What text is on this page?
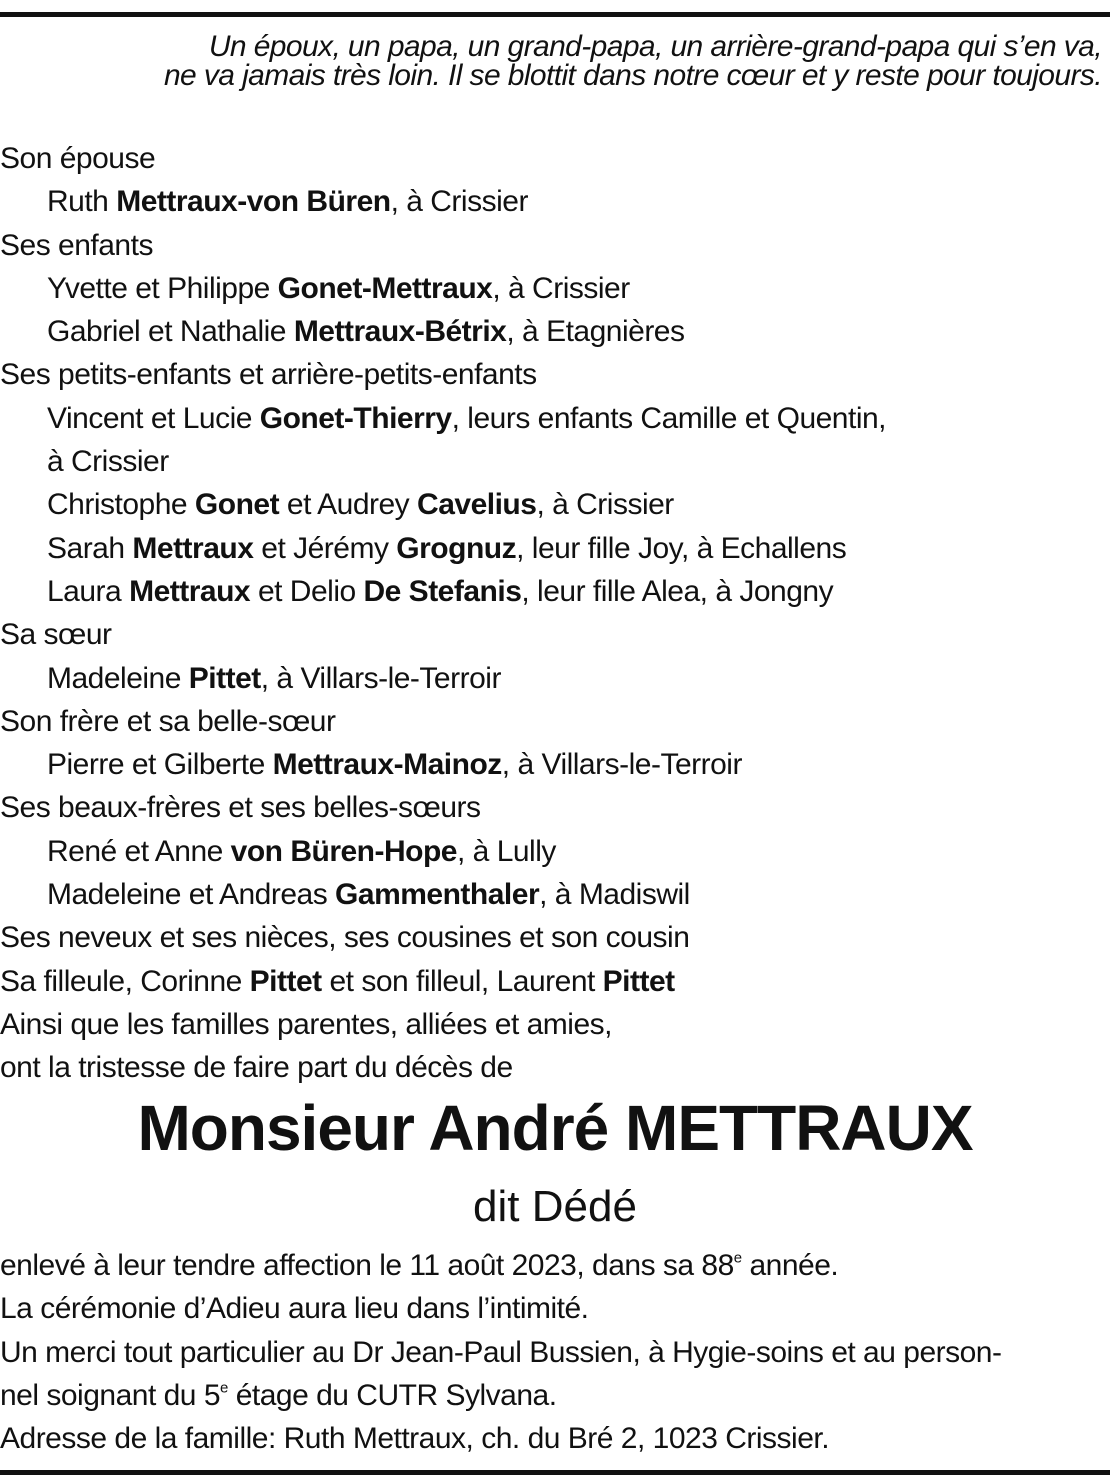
Un époux, un papa, un grand-papa, un arrière-grand-papa qui s’en va,
ne va jamais très loin. Il se blottit dans notre cœur et y reste pour toujours.
Son épouse
Ruth Mettraux-von Büren, à Crissier
Ses enfants
Yvette et Philippe Gonet-Mettraux, à Crissier
Gabriel et Nathalie Mettraux-Bétrix, à Etagnières
Ses petits-enfants et arrière-petits-enfants
Vincent et Lucie Gonet-Thierry, leurs enfants Camille et Quentin,
à Crissier
Christophe Gonet et Audrey Cavelius, à Crissier
Sarah Mettraux et Jérémy Grognuz, leur fille Joy, à Echallens
Laura Mettraux et Delio De Stefanis, leur fille Alea, à Jongny
Sa sœur
Madeleine Pittet, à Villars-le-Terroir
Son frère et sa belle-sœur
Pierre et Gilberte Mettraux-Mainoz, à Villars-le-Terroir
Ses beaux-frères et ses belles-sœurs
René et Anne von Büren-Hope, à Lully
Madeleine et Andreas Gammenthaler, à Madiswil
Ses neveux et ses nièces, ses cousines et son cousin
Sa filleule, Corinne Pittet et son filleul, Laurent Pittet
Ainsi que les familles parentes, alliées et amies,
ont la tristesse de faire part du décès de
Monsieur André METTRAUX
dit Dédé
enlevé à leur tendre affection le 11 août 2023, dans sa 88e année.
La cérémonie d’Adieu aura lieu dans l’intimité.
Un merci tout particulier au Dr Jean-Paul Bussien, à Hygie-soins et au person-
nel soignant du 5e étage du CUTR Sylvana.
Adresse de la famille: Ruth Mettraux, ch. du Bré 2, 1023 Crissier.
